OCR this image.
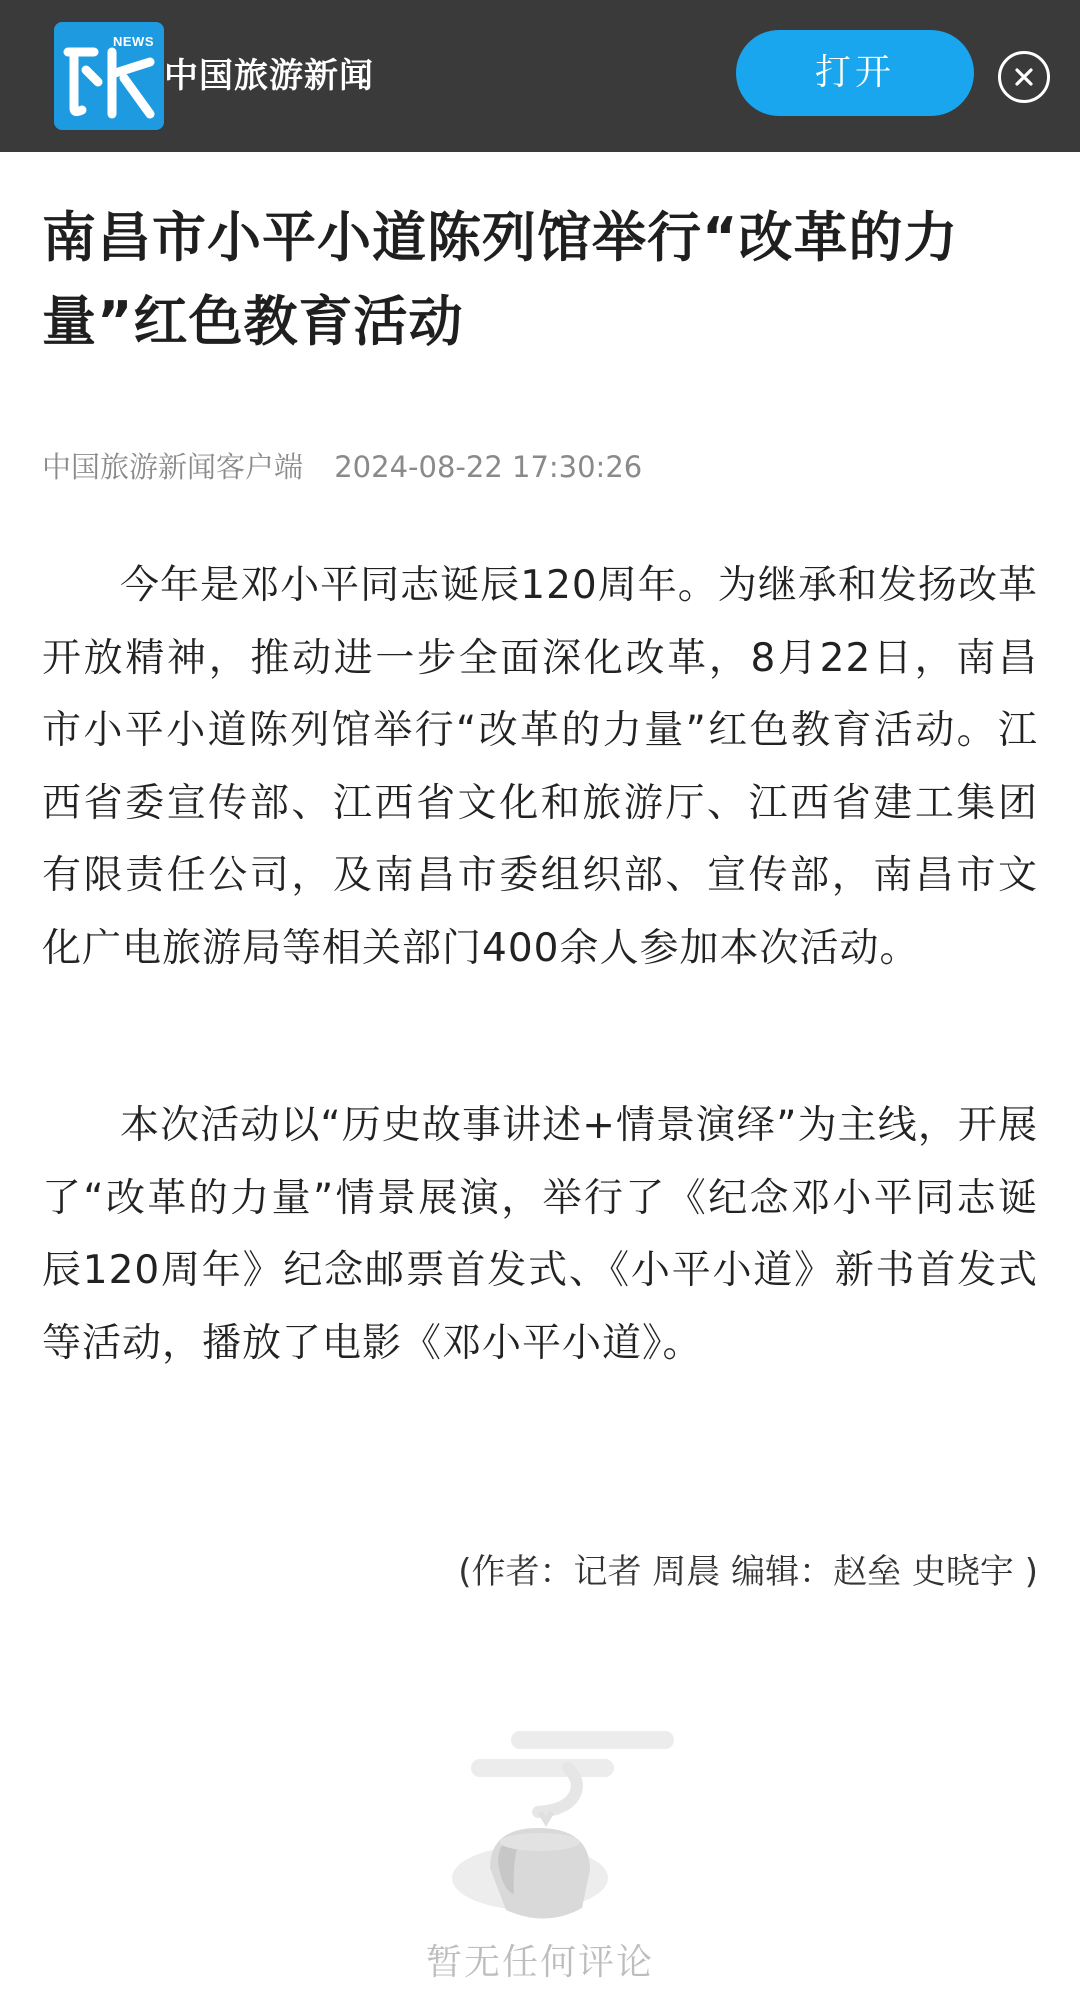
NEWS
中国旅游新闻	打开
南昌市小平小道陈列馆举行“改革的力量”红色教育活动
中国旅游新闻客户端 2024-08-22 17:30:26

今年是邓小平同志诞辰120周年。为继承和发扬改革开放精神，推动进一步全面深化改革，8月22日，南昌市小平小道陈列馆举行“改革的力量”红色教育活动。江西省委宣传部、江西省文化和旅游厅、江西省建工集团有限责任公司，及南昌市委组织部、宣传部，南昌市文化广电旅游局等相关部门400余人参加本次活动。

本次活动以“历史故事讲述+情景演绎”为主线，开展了“改革的力量”情景展演，举行了《纪念邓小平同志诞辰120周年》纪念邮票首发式、《小平小道》新书首发式等活动，播放了电影《邓小平小道》。

(作者：记者 周晨 编辑：赵垒 史晓宇 )
暂无任何评论
